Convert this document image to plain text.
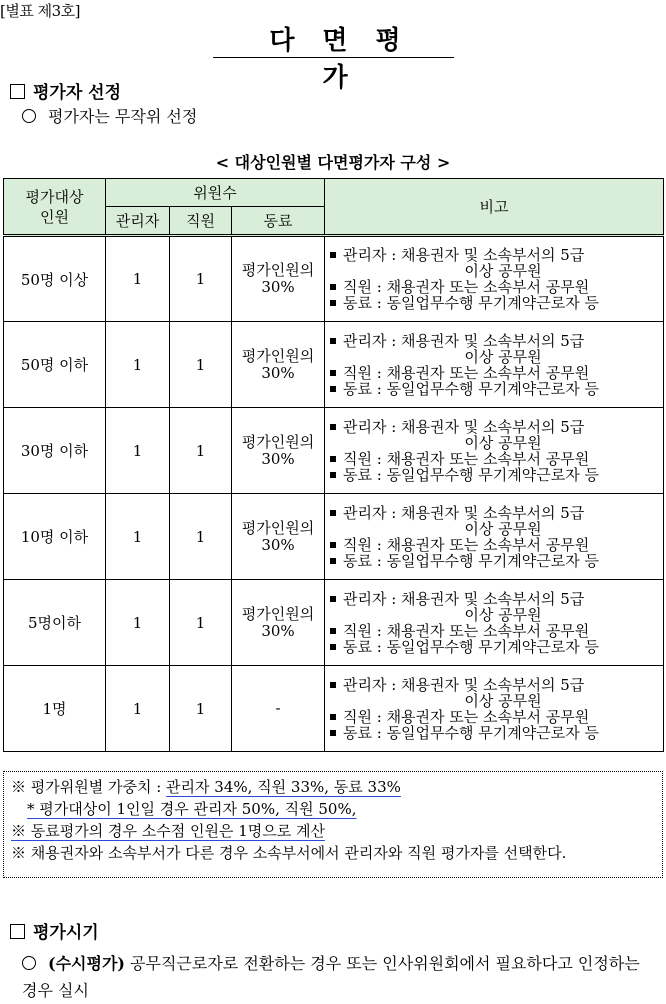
[별표 제3호]
다면평가
평가자 선정
평가자는 무작위 선정
< 대상인원별 다면평가자 구성 >
평가대상 인원	위원수			비고
	관리자	직원	동료	
50명 이상	1	1	평가인원의 30%	관리자 : 채용권자 및 소속부서의 5급
이상 공무원
직원 : 채용권자 또는 소속부서 공무원
동료 : 동일업무수행 무기계약근로자 등

50명 이하	1	1	평가인원의 30%	관리자 : 채용권자 및 소속부서의 5급
이상 공무원
직원 : 채용권자 또는 소속부서 공무원
동료 : 동일업무수행 무기계약근로자 등

30명 이하	1	1	평가인원의 30%	관리자 : 채용권자 및 소속부서의 5급
이상 공무원
직원 : 채용권자 또는 소속부서 공무원
동료 : 동일업무수행 무기계약근로자 등

10명 이하	1	1	평가인원의 30%	관리자 : 채용권자 및 소속부서의 5급
이상 공무원
직원 : 채용권자 또는 소속부서 공무원
동료 : 동일업무수행 무기계약근로자 등

5명이하	1	1	평가인원의 30%	관리자 : 채용권자 및 소속부서의 5급
이상 공무원
직원 : 채용권자 또는 소속부서 공무원
동료 : 동일업무수행 무기계약근로자 등

1명	1	1	-	관리자 : 채용권자 및 소속부서의 5급
이상 공무원
직원 : 채용권자 또는 소속부서 공무원
동료 : 동일업무수행 무기계약근로자 등
※ 평가위원별 가중치 : 관리자 34%, 직원 33%, 동료 33%
* 평가대상이 1인일 경우 관리자 50%, 직원 50%,
※ 동료평가의 경우 소수점 인원은 1명으로 계산
※ 채용권자와 소속부서가 다른 경우 소속부서에서 관리자와 직원 평가자를 선택한다.
평가시기
(수시평가) 공무직근로자로 전환하는 경우 또는 인사위원회에서 필요하다고 인정하는 경우 실시
